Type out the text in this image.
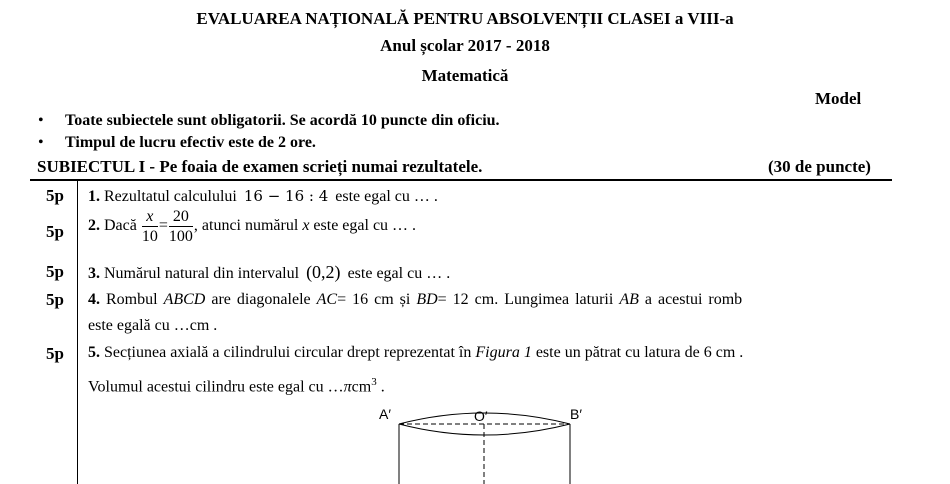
EVALUAREA NAȚIONALĂ PENTRU ABSOLVENȚII CLASEI a VIII-a
Anul școlar 2017 - 2018
Matematică
Model
• Toate subiectele sunt obligatorii. Se acordă 10 puncte din oficiu.
• Timpul de lucru efectiv este de 2 ore.
SUBIECTUL I - Pe foaia de examen scrieți numai rezultatele.	(30 de puncte)
5p 1. Rezultatul calculului 16 − 16 : 4 este egal cu … .
5p 2. Dacă $\frac{x}{10} = \frac{20}{100}$ , atunci numărul x este egal cu … .
5p 3. Numărul natural din intervalul (0,2) este egal cu … .
5p 4. Rombul ABCD are diagonalele AC= 16 cm și BD= 12 cm. Lungimea laturii AB a acestui romb
este egală cu …cm .
5p 5. Secțiunea axială a cilindrului circular drept reprezentat în Figura 1 este un pătrat cu latura de 6 cm .
Volumul acestui cilindru este egal cu …πcm$^3$ .
A′	O′	B′
